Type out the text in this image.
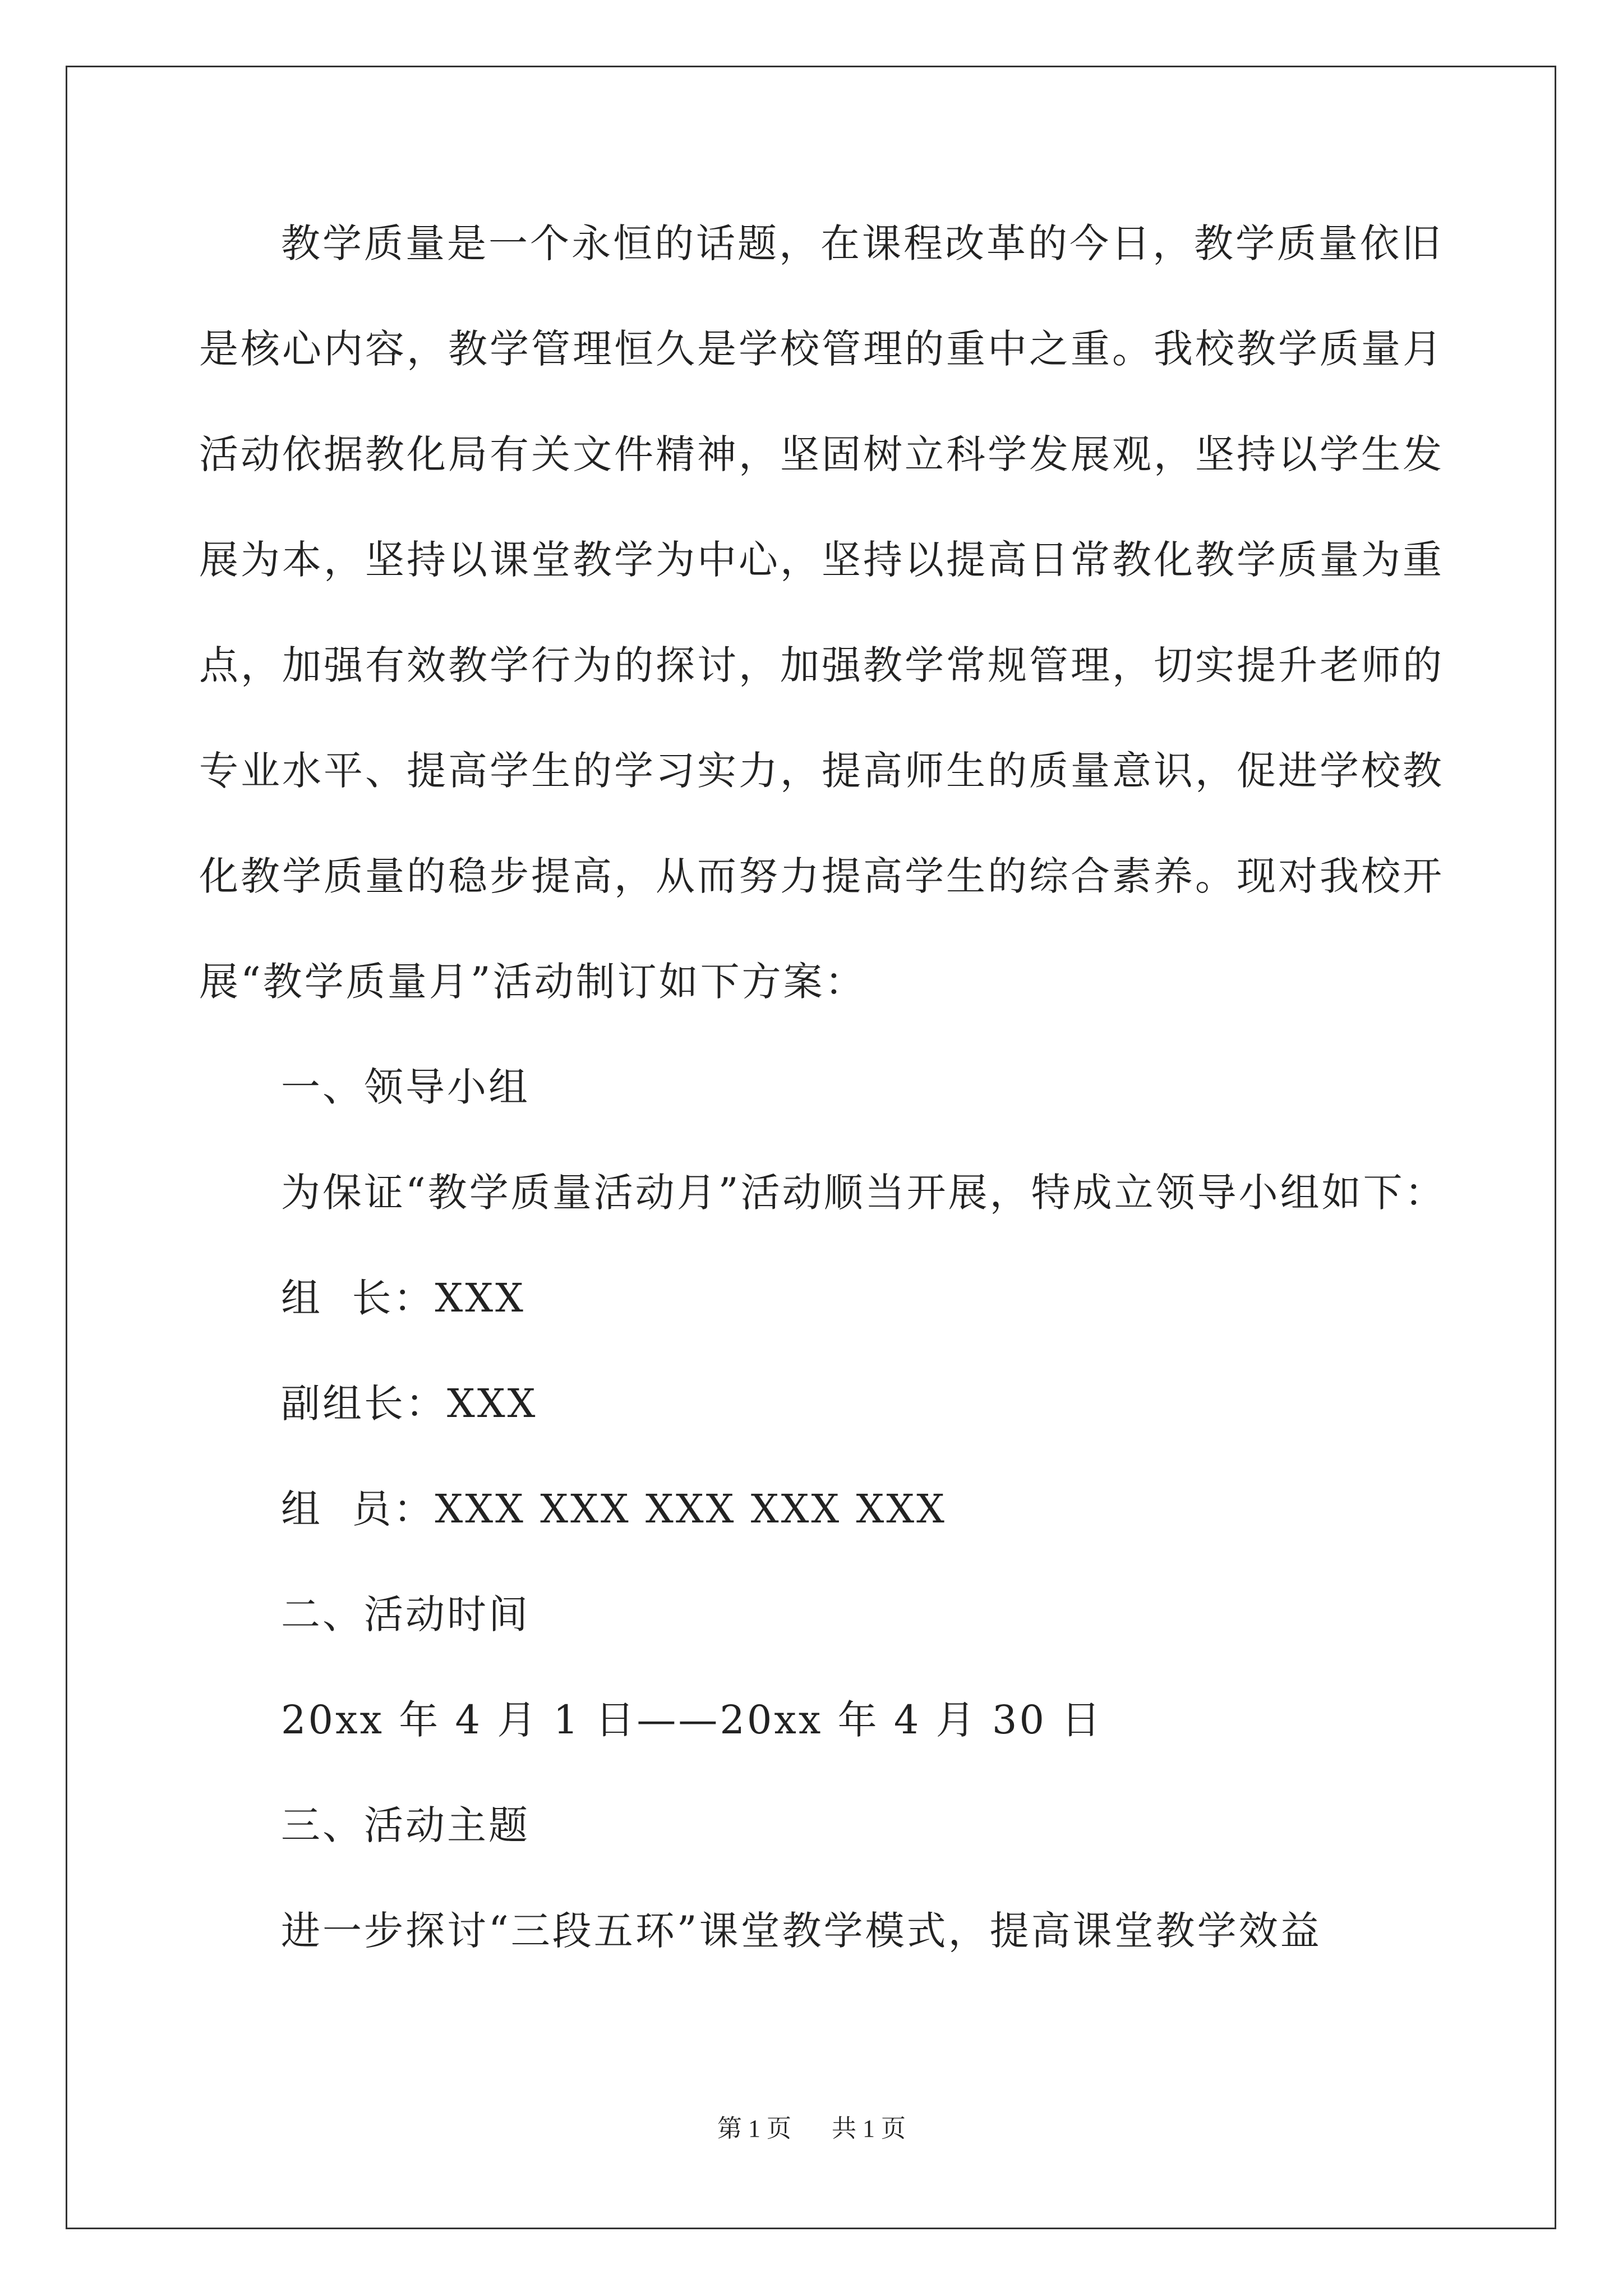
教学质量是一个永恒的话题，在课程改革的今日，教学质量依旧
是核心内容，教学管理恒久是学校管理的重中之重。我校教学质量月
活动依据教化局有关文件精神，坚固树立科学发展观，坚持以学生发
展为本，坚持以课堂教学为中心，坚持以提高日常教化教学质量为重
点，加强有效教学行为的探讨，加强教学常规管理，切实提升老师的
专业水平、提高学生的学习实力，提高师生的质量意识，促进学校教
化教学质量的稳步提高，从而努力提高学生的综合素养。现对我校开
展“教学质量月”活动制订如下方案：
一、领导小组
为保证“教学质量活动月”活动顺当开展，特成立领导小组如下：
组  长：XXX
副组长：XXX
组  员：XXX XXX XXX XXX XXX
二、活动时间
20xx 年 4 月 1 日——20xx 年 4 月 30 日
三、活动主题
进一步探讨“三段五环”课堂教学模式，提高课堂教学效益
第 1 页 共 1 页
